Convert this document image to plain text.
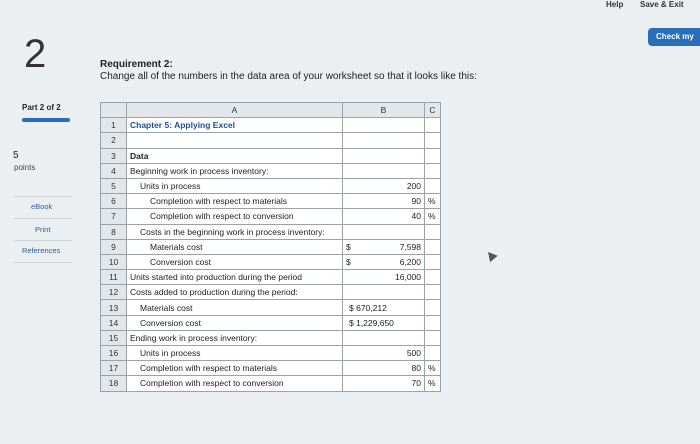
Help Save & Exit
Check my
2	Requirement 2:
Change all of the numbers in the data area of your worksheet so that it looks like this:
Part 2 of 2
5
points
eBook
Print
References
	A	B	C
1	Chapter 5: Applying Excel		
2			
3	Data		
4	Beginning work in process inventory:		
5	Units in process	200	
6	Completion with respect to materials	90	%
7	Completion with respect to conversion	40	%
8	Costs in the beginning work in process inventory:		
9	Materials cost	$ 7,598	
10	Conversion cost	$ 6,200	
11	Units started into production during the period	16,000	
12	Costs added to production during the period:		
13	Materials cost	$ 670,212	
14	Conversion cost	$ 1,229,650	
15	Ending work in process inventory:		
16	Units in process	500	
17	Completion with respect to materials	80	%
18	Completion with respect to conversion	70	%
